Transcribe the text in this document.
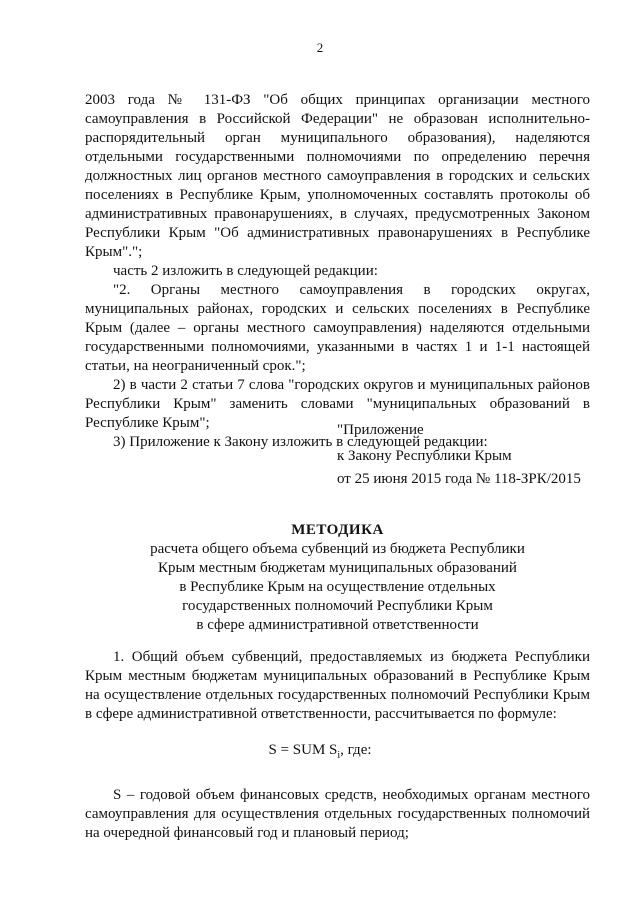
2

2003 года № 131-ФЗ "Об общих принципах организации местного самоуправления в Российской Федерации" не образован исполнительно-распорядительный орган муниципального образования), наделяются отдельными государственными полномочиями по определению перечня должностных лиц органов местного самоуправления в городских и сельских поселениях в Республике Крым, уполномоченных составлять протоколы об административных правонарушениях, в случаях, предусмотренных Законом Республики Крым "Об административных правонарушениях в Республике Крым".";

часть 2 изложить в следующей редакции:

"2. Органы местного самоуправления в городских округах, муниципальных районах, городских и сельских поселениях в Республике Крым (далее – органы местного самоуправления) наделяются отдельными государственными полномочиями, указанными в частях 1 и 1-1 настоящей статьи, на неограниченный срок.";

2) в части 2 статьи 7 слова "городских округов и муниципальных районов Республики Крым" заменить словами "муниципальных образований в Республике Крым";

3) Приложение к Закону изложить в следующей редакции:

"Приложение

к Закону Республики Крым

от 25 июня 2015 года № 118-ЗРК/2015

МЕТОДИКА

расчета общего объема субвенций из бюджета Республики

Крым местным бюджетам муниципальных образований

в Республике Крым на осуществление отдельных

государственных полномочий Республики Крым

в сфере административной ответственности

1. Общий объем субвенций, предоставляемых из бюджета Республики Крым местным бюджетам муниципальных образований в Республике Крым на осуществление отдельных государственных полномочий Республики Крым в сфере административной ответственности, рассчитывается по формуле:

S = SUM $S_i$, где:

S – годовой объем финансовых средств, необходимых органам местного самоуправления для осуществления отдельных государственных полномочий на очередной финансовый год и плановый период;
